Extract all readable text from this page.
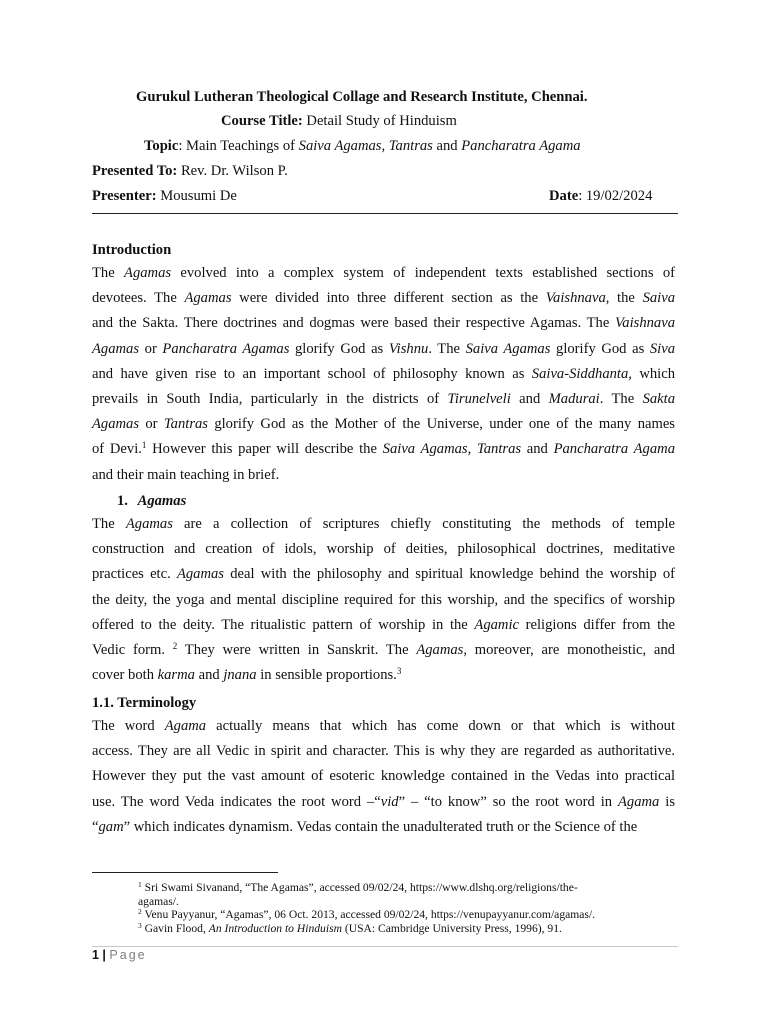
Gurukul Lutheran Theological Collage and Research Institute, Chennai.
Course Title: Detail Study of Hinduism
Topic: Main Teachings of Saiva Agamas, Tantras and Pancharatra Agama
Presented To: Rev. Dr. Wilson P.
Presenter: Mousumi De	Date: 19/02/2024
Introduction
The Agamas evolved into a complex system of independent texts established sections of
devotees. The Agamas were divided into three different section as the Vaishnava, the Saiva
and the Sakta. There doctrines and dogmas were based their respective Agamas. The Vaishnava
Agamas or Pancharatra Agamas glorify God as Vishnu. The Saiva Agamas glorify God as Siva
and have given rise to an important school of philosophy known as Saiva-Siddhanta, which
prevails in South India, particularly in the districts of Tirunelveli and Madurai. The Sakta
Agamas or Tantras glorify God as the Mother of the Universe, under one of the many names
of Devi.$^1$ However this paper will describe the Saiva Agamas, Tantras and Pancharatra Agama
and their main teaching in brief.
1. Agamas
The Agamas are a collection of scriptures chiefly constituting the methods of temple
construction and creation of idols, worship of deities, philosophical doctrines, meditative
practices etc. Agamas deal with the philosophy and spiritual knowledge behind the worship of
the deity, the yoga and mental discipline required for this worship, and the specifics of worship
offered to the deity. The ritualistic pattern of worship in the Agamic religions differ from the
Vedic form. $^2$ They were written in Sanskrit. The Agamas, moreover, are monotheistic, and
cover both karma and jnana in sensible proportions.$^3$
1.1. Terminology
The word Agama actually means that which has come down or that which is without
access. They are all Vedic in spirit and character. This is why they are regarded as authoritative.
However they put the vast amount of esoteric knowledge contained in the Vedas into practical
use. The word Veda indicates the root word –“vid” – “to know” so the root word in Agama is
“gam” which indicates dynamism. Vedas contain the unadulterated truth or the Science of the
$^1$ Sri Swami Sivanand, “The Agamas”, accessed 09/02/24, https://www.dlshq.org/religions/the-
agamas/.
$^2$ Venu Payyanur, “Agamas”, 06 Oct. 2013, accessed 09/02/24, https://venupayyanur.com/agamas/.
$^3$ Gavin Flood, An Introduction to Hinduism (USA: Cambridge University Press, 1996), 91.
1 | Page
